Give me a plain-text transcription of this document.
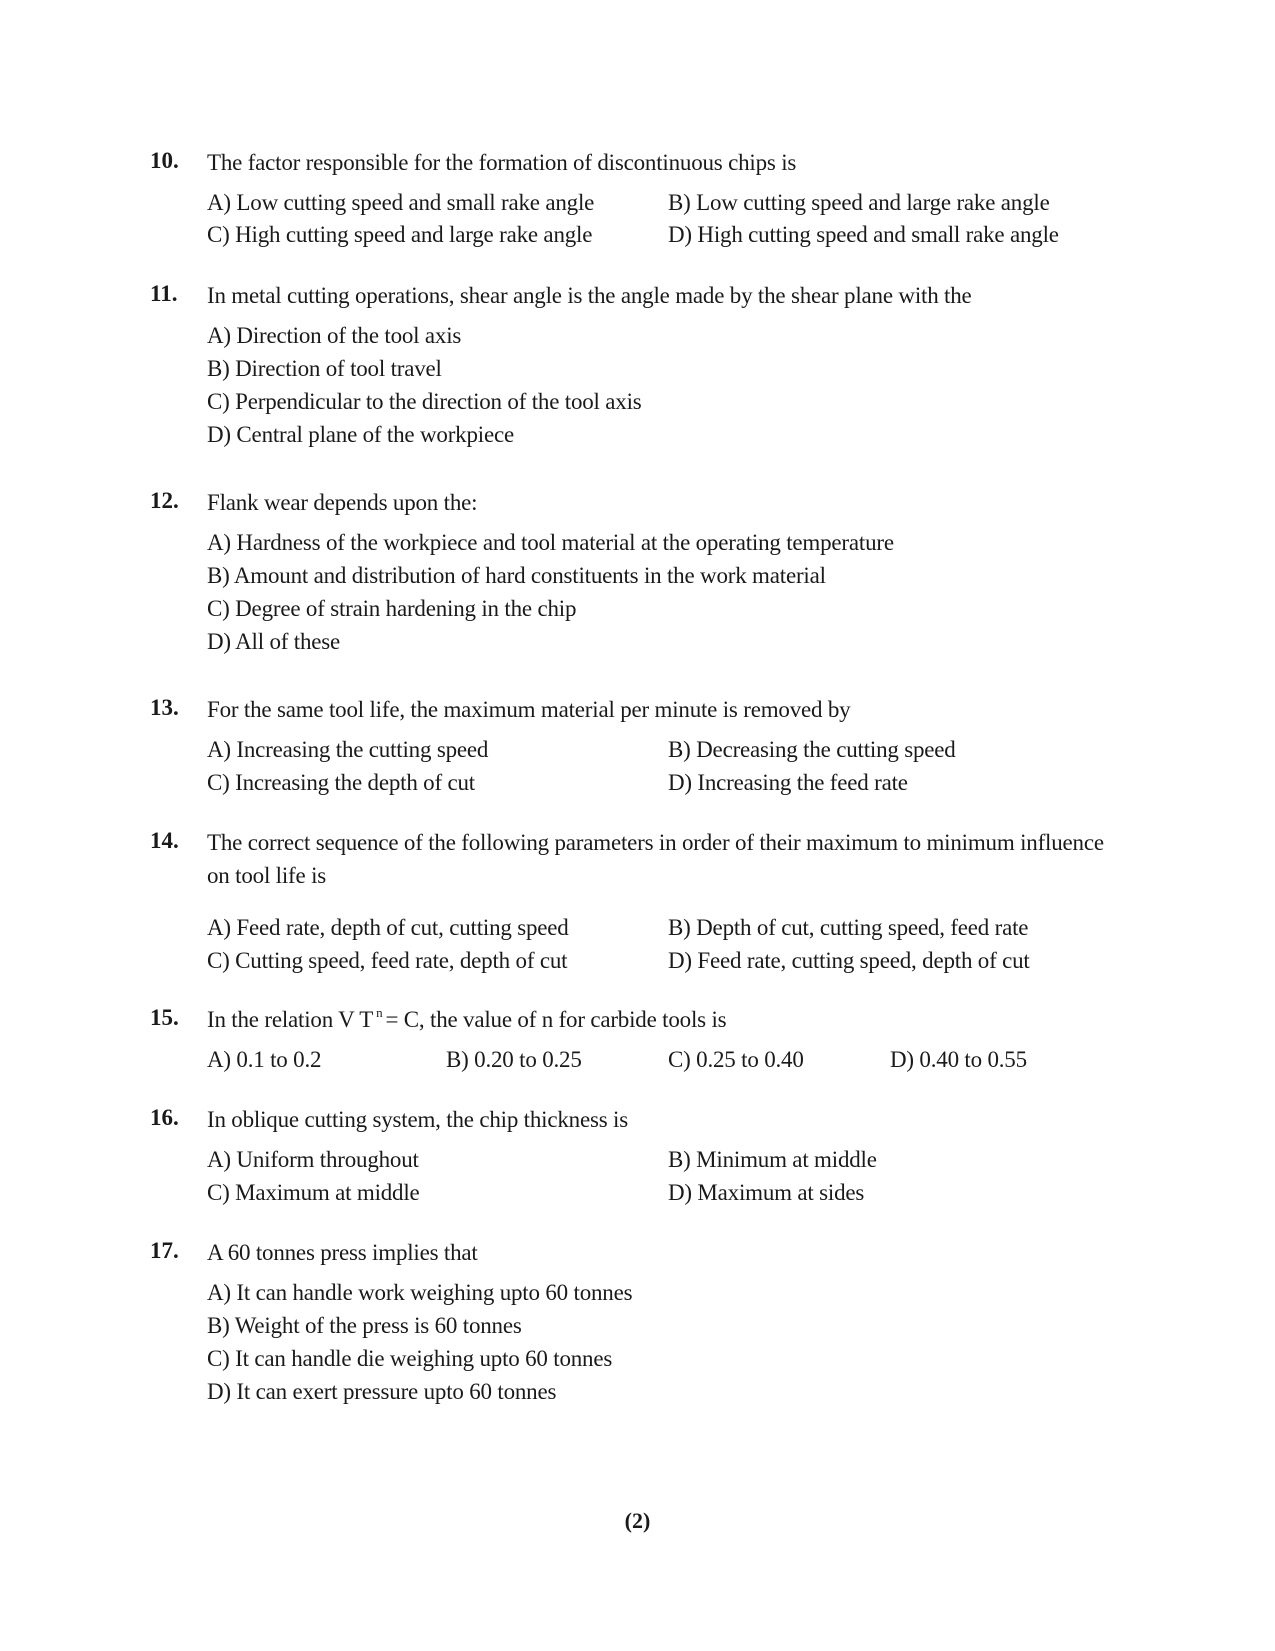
10. The factor responsible for the formation of discontinuous chips is
A) Low cutting speed and small rake angle	B) Low cutting speed and large rake angle
C) High cutting speed and large rake angle	D) High cutting speed and small rake angle
11. In metal cutting operations, shear angle is the angle made by the shear plane with the
A) Direction of the tool axis
B) Direction of tool travel
C) Perpendicular to the direction of the tool axis
D) Central plane of the workpiece
12. Flank wear depends upon the:
A) Hardness of the workpiece and tool material at the operating temperature
B) Amount and distribution of hard constituents in the work material
C) Degree of strain hardening in the chip
D) All of these
13. For the same tool life, the maximum material per minute is removed by
A) Increasing the cutting speed	B) Decreasing the cutting speed
C) Increasing the depth of cut	D) Increasing the feed rate
14. The correct sequence of the following parameters in order of their maximum to minimum influence on tool life is
A) Feed rate, depth of cut, cutting speed	B) Depth of cut, cutting speed, feed rate
C) Cutting speed, feed rate, depth of cut	D) Feed rate, cutting speed, depth of cut
15. In the relation V T $^n$ = C, the value of n for carbide tools is
A) 0.1 to 0.2	B) 0.20 to 0.25	C) 0.25 to 0.40	D) 0.40 to 0.55
16. In oblique cutting system, the chip thickness is
A) Uniform throughout	B) Minimum at middle
C) Maximum at middle	D) Maximum at sides
17. A 60 tonnes press implies that
A) It can handle work weighing upto 60 tonnes
B) Weight of the press is 60 tonnes
C) It can handle die weighing upto 60 tonnes
D) It can exert pressure upto 60 tonnes
(2)
